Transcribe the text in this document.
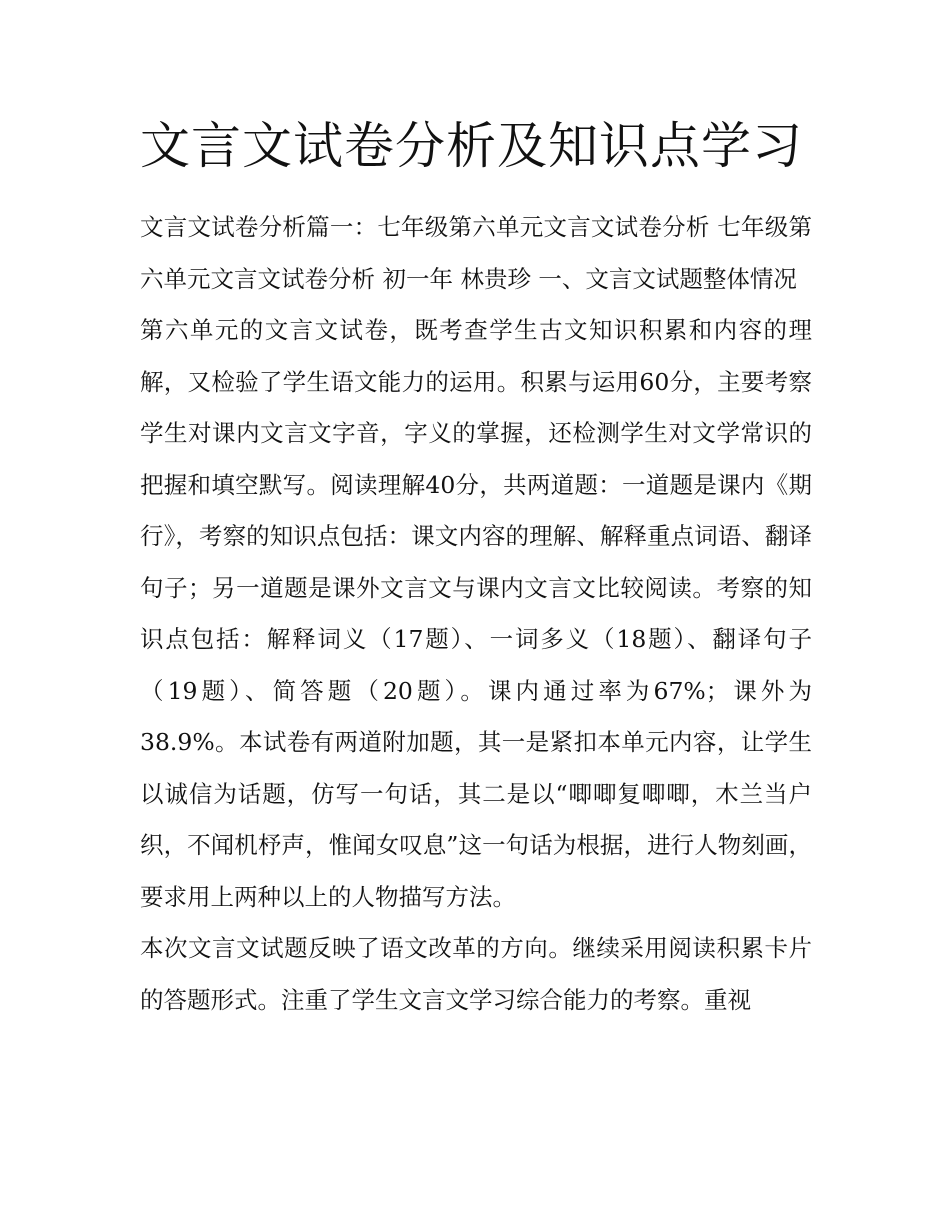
文言文试卷分析及知识点学习

文言文试卷分析篇一：七年级第六单元文言文试卷分析 七年级第六单元文言文试卷分析 初一年 林贵珍 一、文言文试题整体情况

第六单元的文言文试卷，既考查学生古文知识积累和内容的理解，又检验了学生语文能力的运用。积累与运用60分，主要考察学生对课内文言文字音，字义的掌握，还检测学生对文学常识的把握和填空默写。阅读理解40分，共两道题：一道题是课内《期行》，考察的知识点包括：课文内容的理解、解释重点词语、翻译句子；另一道题是课外文言文与课内文言文比较阅读。考察的知识点包括：解释词义（17题）、一词多义（18题）、翻译句子（19题）、简答题（20题）。课内通过率为67%；课外为38.9%。本试卷有两道附加题，其一是紧扣本单元内容，让学生以诚信为话题，仿写一句话，其二是以“唧唧复唧唧，木兰当户织，不闻机杼声，惟闻女叹息”这一句话为根据，进行人物刻画，要求用上两种以上的人物描写方法。

本次文言文试题反映了语文改革的方向。继续采用阅读积累卡片的答题形式。注重了学生文言文学习综合能力的考察。重视
